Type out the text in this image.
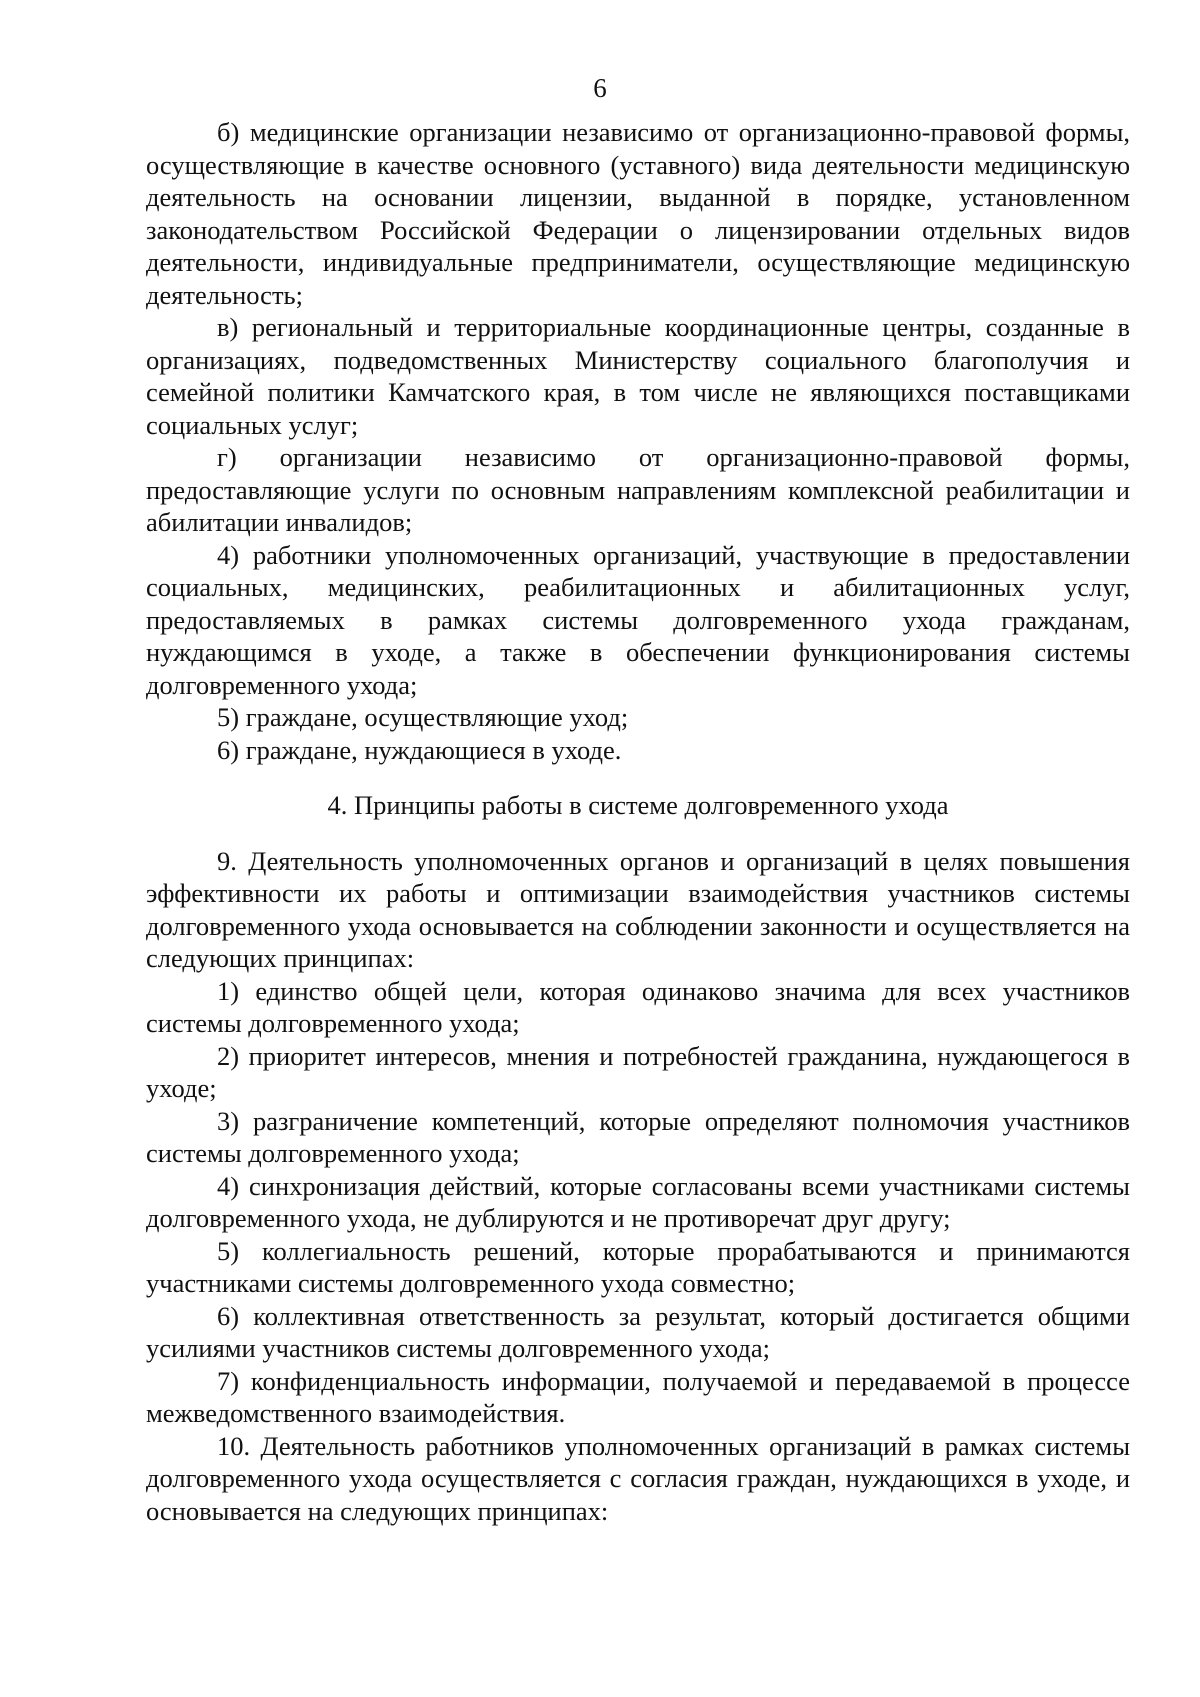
6

б) медицинские организации независимо от организационно-правовой формы, осуществляющие в качестве основного (уставного) вида деятельности медицинскую деятельность на основании лицензии, выданной в порядке, установленном законодательством Российской Федерации о лицензировании отдельных видов деятельности, индивидуальные предприниматели, осуществляющие медицинскую деятельность;

в) региональный и территориальные координационные центры, созданные в организациях, подведомственных Министерству социального благополучия и семейной политики Камчатского края, в том числе не являющихся поставщиками социальных услуг;

г) организации независимо от организационно-правовой формы, предоставляющие услуги по основным направлениям комплексной реабилитации и абилитации инвалидов;

4) работники уполномоченных организаций, участвующие в предоставлении социальных, медицинских, реабилитационных и абилитационных услуг, предоставляемых в рамках системы долговременного ухода гражданам, нуждающимся в уходе, а также в обеспечении функционирования системы долговременного ухода;

5) граждане, осуществляющие уход;

6) граждане, нуждающиеся в уходе.

4. Принципы работы в системе долговременного ухода

9. Деятельность уполномоченных органов и организаций в целях повышения эффективности их работы и оптимизации взаимодействия участников системы долговременного ухода основывается на соблюдении законности и осуществляется на следующих принципах:

1) единство общей цели, которая одинаково значима для всех участников системы долговременного ухода;

2) приоритет интересов, мнения и потребностей гражданина, нуждающегося в уходе;

3) разграничение компетенций, которые определяют полномочия участников системы долговременного ухода;

4) синхронизация действий, которые согласованы всеми участниками системы долговременного ухода, не дублируются и не противоречат друг другу;

5) коллегиальность решений, которые прорабатываются и принимаются участниками системы долговременного ухода совместно;

6) коллективная ответственность за результат, который достигается общими усилиями участников системы долговременного ухода;

7) конфиденциальность информации, получаемой и передаваемой в процессе межведомственного взаимодействия.

10. Деятельность работников уполномоченных организаций в рамках системы долговременного ухода осуществляется с согласия граждан, нуждающихся в уходе, и основывается на следующих принципах:
